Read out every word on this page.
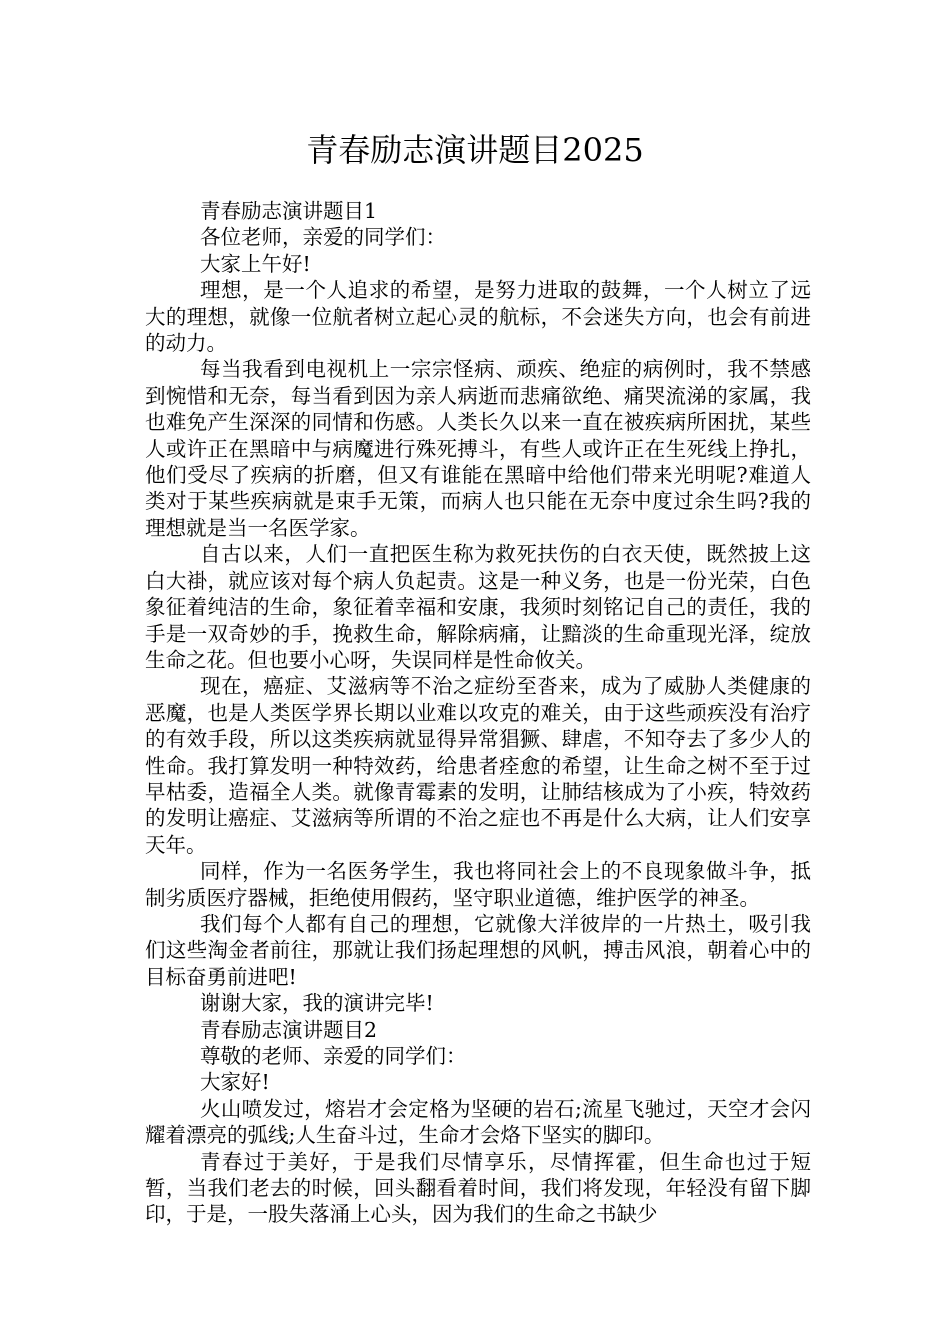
青春励志演讲题目2025

青春励志演讲题目1

各位老师，亲爱的同学们：

大家上午好!

理想，是一个人追求的希望，是努力进取的鼓舞，一个人树立了远大的理想，就像一位航者树立起心灵的航标，不会迷失方向，也会有前进的动力。

每当我看到电视机上一宗宗怪病、顽疾、绝症的病例时，我不禁感到惋惜和无奈，每当看到因为亲人病逝而悲痛欲绝、痛哭流涕的家属，我也难免产生深深的同情和伤感。人类长久以来一直在被疾病所困扰，某些人或许正在黑暗中与病魔进行殊死搏斗，有些人或许正在生死线上挣扎，他们受尽了疾病的折磨，但又有谁能在黑暗中给他们带来光明呢?难道人类对于某些疾病就是束手无策，而病人也只能在无奈中度过余生吗?我的理想就是当一名医学家。

自古以来，人们一直把医生称为救死扶伤的白衣天使，既然披上这白大褂，就应该对每个病人负起责。这是一种义务，也是一份光荣，白色象征着纯洁的生命，象征着幸福和安康，我须时刻铭记自己的责任，我的手是一双奇妙的手，挽救生命，解除病痛，让黯淡的生命重现光泽，绽放生命之花。但也要小心呀，失误同样是性命攸关。

现在，癌症、艾滋病等不治之症纷至沓来，成为了威胁人类健康的恶魔，也是人类医学界长期以业难以攻克的难关，由于这些顽疾没有治疗的有效手段，所以这类疾病就显得异常猖獗、肆虐，不知夺去了多少人的性命。我打算发明一种特效药，给患者痊愈的希望，让生命之树不至于过早枯委，造福全人类。就像青霉素的发明，让肺结核成为了小疾，特效药的发明让癌症、艾滋病等所谓的不治之症也不再是什么大病，让人们安享天年。

同样，作为一名医务学生，我也将同社会上的不良现象做斗争，抵制劣质医疗器械，拒绝使用假药，坚守职业道德，维护医学的神圣。

我们每个人都有自己的理想，它就像大洋彼岸的一片热土，吸引我们这些淘金者前往，那就让我们扬起理想的风帆，搏击风浪，朝着心中的目标奋勇前进吧!

谢谢大家，我的演讲完毕!

青春励志演讲题目2

尊敬的老师、亲爱的同学们：

大家好!

火山喷发过，熔岩才会定格为坚硬的岩石;流星飞驰过，天空才会闪耀着漂亮的弧线;人生奋斗过，生命才会烙下坚实的脚印。

青春过于美好，于是我们尽情享乐，尽情挥霍，但生命也过于短暂，当我们老去的时候，回头翻看着时间，我们将发现，年轻没有留下脚印，于是，一股失落涌上心头，因为我们的生命之书缺少
